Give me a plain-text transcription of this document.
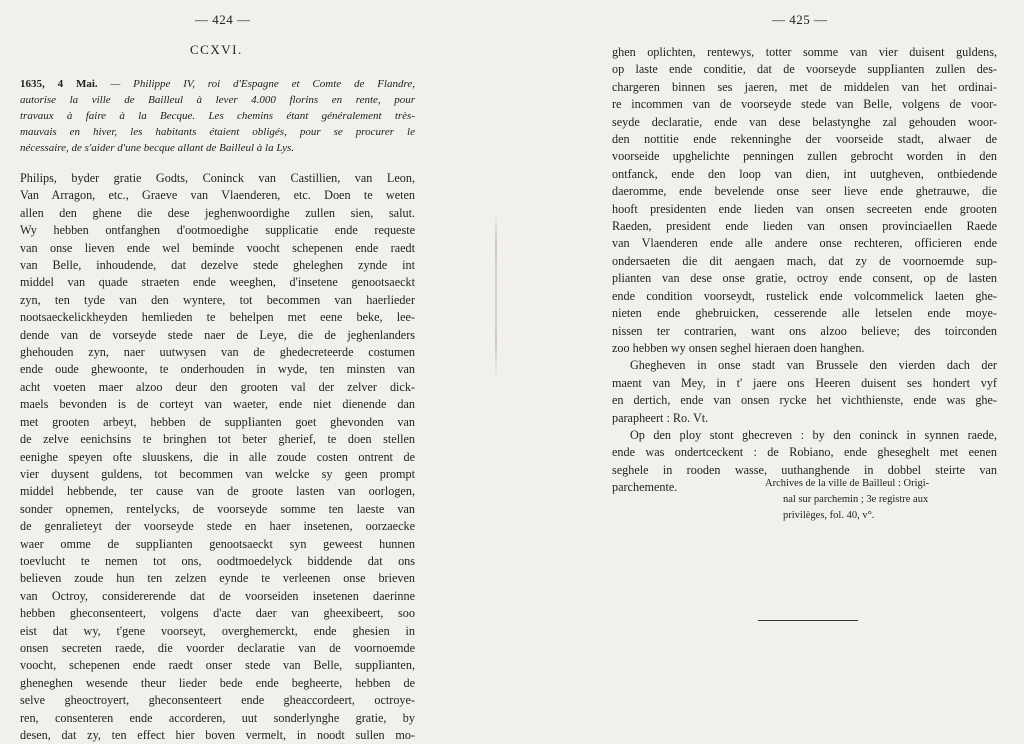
— 424 —
CCXVI.
1635, 4 Mai. — Philippe IV, roi d'Espagne et Comte de Flandre,
autorise la ville de Bailleul à lever 4.000 florins en rente, pour
travaux à faire à la Becque. Les chemins étant généralement très-
mauvais en hiver, les habitants étaient obligés, pour se procurer le
nécessaire, de s'aider d'une becque allant de Bailleul à la Lys.
Philips, byder gratie Godts, Coninck van Castillien, van Leon,
Van Arragon, etc., Graeve van Vlaenderen, etc. Doen te weten
allen den ghene die dese jeghenwoordighe zullen sien, salut.
Wy hebben ontfanghen d'ootmoedighe supplicatie ende requeste
van onse lieven ende wel beminde voocht schepenen ende raedt
van Belle, inhoudende, dat dezelve stede gheleghen zynde int
middel van quade straeten ende weeghen, d'insetene genootsaeckt
zyn, ten tyde van den wyntere, tot becommen van haerlieder
nootsaeckelickheyden hemlieden te behelpen met eene beke, lee-
dende van de vorseyde stede naer de Leye, die de jeghenlanders
ghehouden zyn, naer uutwysen van de ghedecreteerde costumen
ende oude ghewoonte, te onderhouden in wyde, ten minsten van
acht voeten maer alzoo deur den grooten val der zelver dick-
maels bevonden is de corteyt van waeter, ende niet dienende dan
met grooten arbeyt, hebben de suppIianten goet ghevonden van
de zelve eenichsins te bringhen tot beter gherief, te doen stellen
eenighe speyen ofte sluuskens, die in alle zoude costen ontrent de
vier duysent guldens, tot becommen van welcke sy geen prompt
middel hebbende, ter cause van de groote lasten van oorlogen,
sonder opnemen, rentelycks, de voorseyde somme ten laeste van
de genralieteyt der voorseyde stede en haer insetenen, oorzaecke
waer omme de suppIianten genootsaeckt syn geweest hunnen
toevlucht te nemen tot ons, oodtmoedelyck biddende dat ons
believen zoude hun ten zelzen eynde te verleenen onse brieven
van Octroy, considererende dat de voorseiden insetenen daerinne
hebben gheconsenteert, volgens d'acte daer van gheexibeert, soo
eist dat wy, t'gene voorseyt, overghemerckt, ende ghesien in
onsen secreten raede, die voorder declaratie van de voornoemde
voocht, schepenen ende raedt onser stede van Belle, suppIianten,
gheneghen wesende theur lieder bede ende begheerte, hebben de
selve gheoctroyert, gheconsenteert ende gheaccordeert, octroye-
ren, consenteren ende accorderen, uut sonderlynghe gratie, by
desen, dat zy, ten effect hier boven vermelt, in noodt sullen mo-
— 425 —
ghen oplichten, rentewys, totter somme van vier duisent guldens,
op laste ende conditie, dat de voorseyde suppIianten zullen des-
chargeren binnen ses jaeren, met de middelen van het ordinai-
re incommen van de voorseyde stede van Belle, volgens de voor-
seyde declaratie, ende van dese belastynghe zal gehouden woor-
den nottitie ende rekenninghe der voorseide stadt, alwaer de
voorseide upghelichte penningen zullen gebrocht worden in den
ontfanck, ende den loop van dien, int uutgheven, ontbiedende
daeromme, ende bevelende onse seer lieve ende ghetrauwe, die
hooft presidenten ende lieden van onsen secreeten ende grooten
Raeden, president ende lieden van onsen provinciaellen Raede
van Vlaenderen ende alle andere onse rechteren, officieren ende
ondersaeten die dit aengaen mach, dat zy de voornoemde sup-
plianten van dese onse gratie, octroy ende consent, op de lasten
ende condition voorseydt, rustelick ende volcommelick laeten ghe-
nieten ende ghebruicken, cesserende alle letselen ende moye-
nissen ter contrarien, want ons alzoo believe; des toirconden
zoo hebben wy onsen seghel hieraen doen hanghen.
Ghegheven in onse stadt van Brussele den vierden dach der
maent van Mey, in t' jaere ons Heeren duisent ses hondert vyf
en dertich, ende van onsen rycke het vichthienste, ende was ghe-
parapheert : Ro. Vt.
Op den ploy stont ghecreven : by den coninck in synnen raede,
ende was ondertceckent : de Robiano, ende gheseghelt met eenen
seghele in rooden wasse, uuthanghende in dobbel steirte van
parchemente.	Archives de la ville de Bailleul : Origi-
nal sur parchemin ; 3e registre aux
privilèges, fol. 40, v°.
